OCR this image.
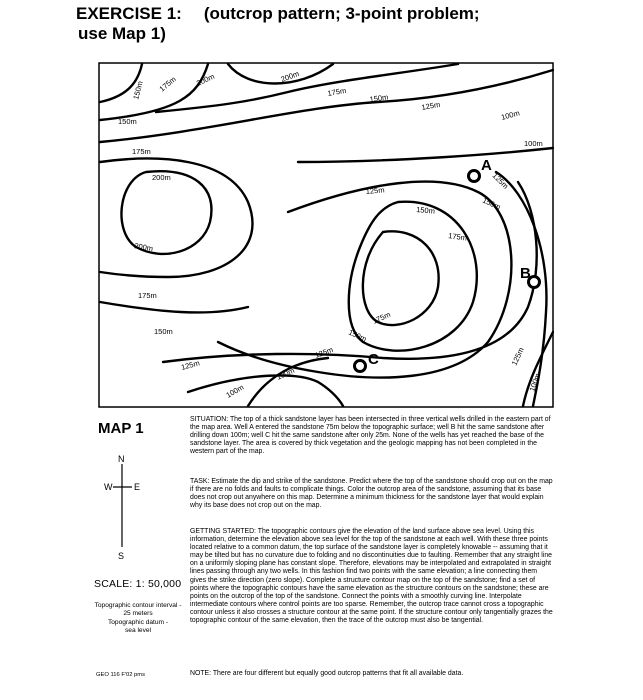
EXERCISE 1: (outcrop pattern; 3-point problem;
use Map 1)
150m 175m 200m	200m
175m
150m
125m
100m
150m
175m
200m
100m
125m
150m
125m
150m
175m
200m
175m
150m
125m
100m
100m
125m
150m
175m
125m
100m
A
B
C
MAP 1
N
W E
S
SCALE: 1: 50,000
Topographic contour interval -
25 meters
Topographic datum -
sea level
GEO 116 F'02 pms
SITUATION: The top of a thick sandstone layer has been intersected in three vertical wells drilled in the eastern part of the map area. Well A entered the sandstone 75m below the topographic surface; well B hit the same sandstone after drilling down 100m; well C hit the same sandstone after only 25m. None of the wells has yet reached the base of the sandstone layer. The area is covered by thick vegetation and the geologic mapping has not been completed in the western part of the map.
TASK: Estimate the dip and strike of the sandstone. Predict where the top of the sandstone should crop out on the map if there are no folds and faults to complicate things. Color the outcrop area of the sandstone, assuming that its base does not crop out anywhere on this map. Determine a minimum thickness for the sandstone layer that would explain why its base does not crop out on the map.
GETTING STARTED: The topographic contours give the elevation of the land surface above sea level. Using this information, determine the elevation above sea level for the top of the sandstone at each well. With these three points located relative to a common datum, the top surface of the sandstone layer is completely knowable -- assuming that it may be tilted but has no curvature due to folding and no discontinuities due to faulting. Remember that any straight line on a uniformly sloping plane has constant slope. Therefore, elevations may be interpolated and extrapolated in straight lines passing through any two wells. In this fashion find two points with the same elevation; a line connecting them gives the strike direction (zero slope). Complete a structure contour map on the top of the sandstone; find a set of points where the topographic contours have the same elevation as the structure contours on the sandstone; these are points on the outcrop of the top of the sandstone. Connect the points with a smoothly curving line. Interpolate intermediate contours where control points are too sparse. Remember, the outcrop trace cannot cross a topographic contour unless it also crosses a structure contour at the same point. If the structure contour only tangentially grazes the topographic contour of the same elevation, then the trace of the outcrop must also be tangential.
NOTE: There are four different but equally good outcrop patterns that fit all available data.
